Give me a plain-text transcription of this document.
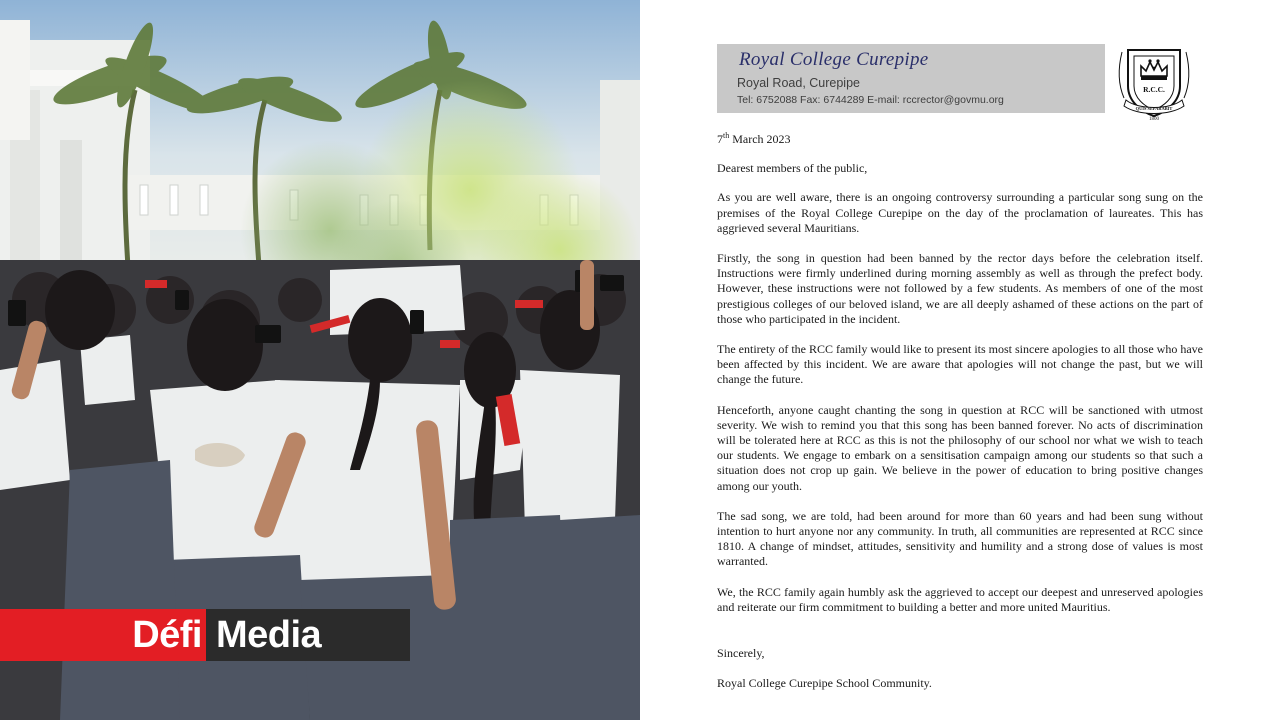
Défi Media
Royal College Curepipe
Royal Road, Curepipe
Tel: 6752088 Fax: 6744289 E-mail: rccrector@govmu.org
R.C.C.
QUIS SEPARABIT
1800

7th March 2023

Dearest members of the public,

As you are well aware, there is an ongoing controversy surrounding a particular song sung on the premises of the Royal College Curepipe on the day of the proclamation of laureates. This has aggrieved several Mauritians.

Firstly, the song in question had been banned by the rector days before the celebration itself. Instructions were firmly underlined during morning assembly as well as through the prefect body. However, these instructions were not followed by a few students. As members of one of the most prestigious colleges of our beloved island, we are all deeply ashamed of these actions on the part of those who participated in the incident.

The entirety of the RCC family would like to present its most sincere apologies to all those who have been affected by this incident. We are aware that apologies will not change the past, but we will change the future.

Henceforth, anyone caught chanting the song in question at RCC will be sanctioned with utmost severity. We wish to remind you that this song has been banned forever. No acts of discrimination will be tolerated here at RCC as this is not the philosophy of our school nor what we wish to teach our students. We engage to embark on a sensitisation campaign among our students so that such a situation does not crop up gain. We believe in the power of education to bring positive changes among our youth.

The sad song, we are told, had been around for more than 60 years and had been sung without intention to hurt anyone nor any community. In truth, all communities are represented at RCC since 1810. A change of mindset, attitudes, sensitivity and humility and a strong dose of values is most warranted.

We, the RCC family again humbly ask the aggrieved to accept our deepest and unreserved apologies and reiterate our firm commitment to building a better and more united Mauritius.

Sincerely,

Royal College Curepipe School Community.
